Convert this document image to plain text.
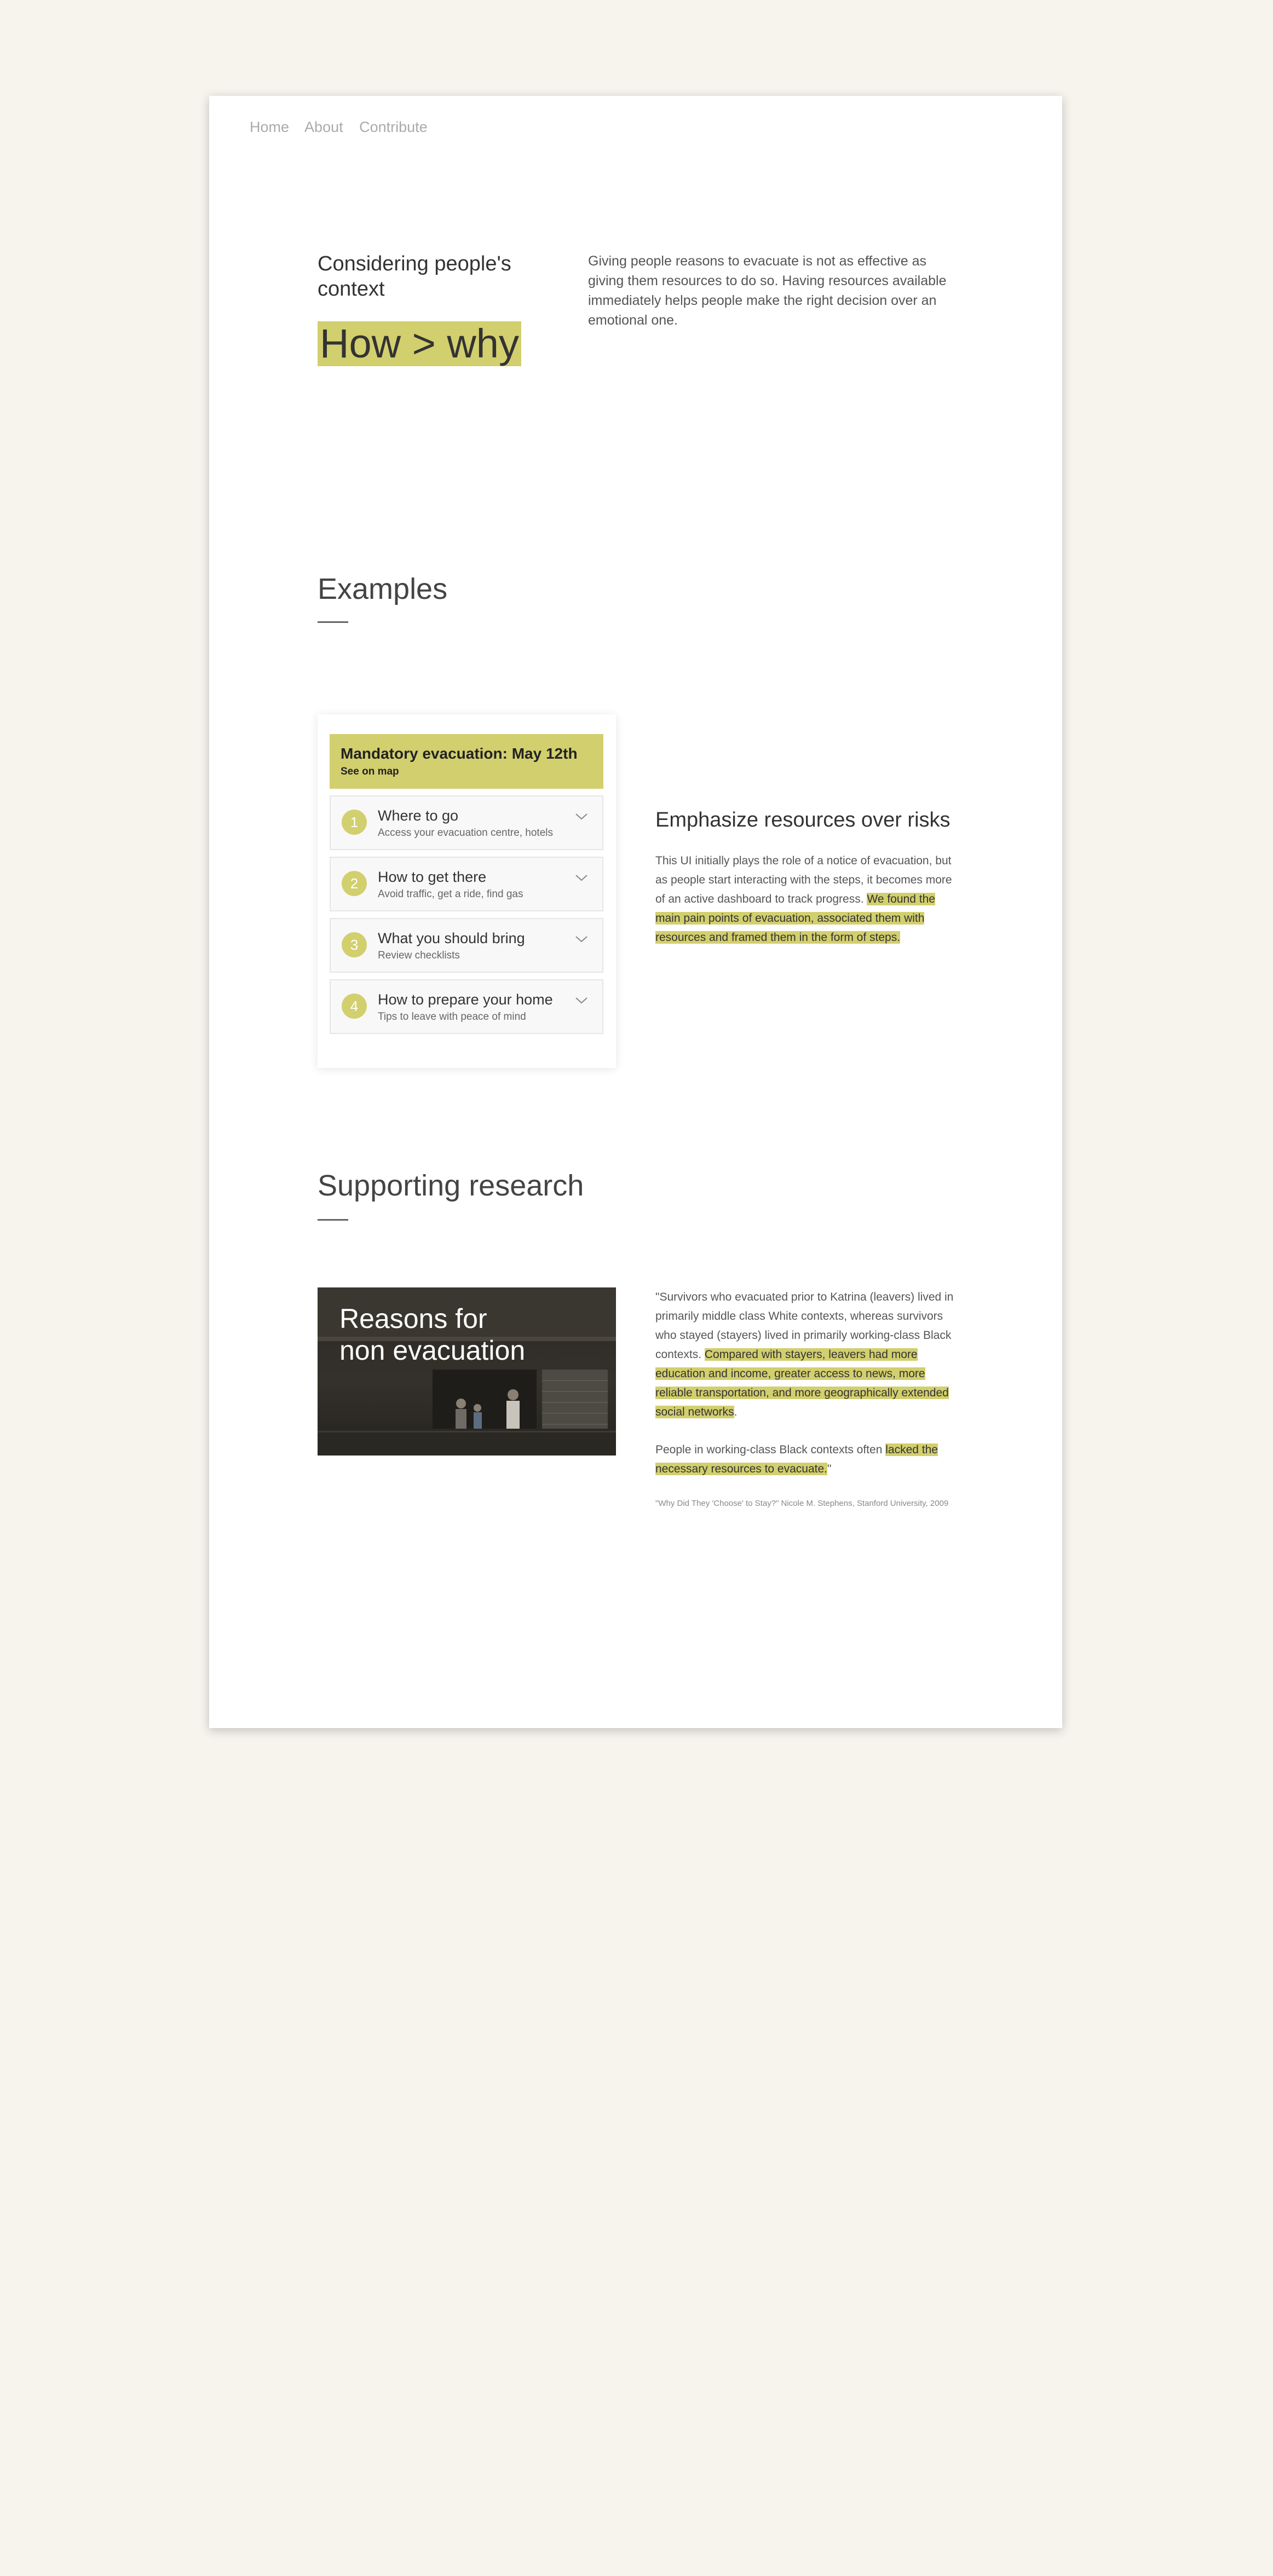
Home About Contribute
Considering people's context
How > why
Giving people reasons to evacuate is not as effective as giving them resources to do so. Having resources available immediately helps people make the right decision over an emotional one.
Examples
Mandatory evacuation: May 12th
See on map
1	Where to go
Access your evacuation centre, hotels
2	How to get there
Avoid traffic, get a ride, find gas
3	What you should bring
Review checklists
4	How to prepare your home
Tips to leave with peace of mind
Emphasize resources over risks
This UI initially plays the role of a notice of evacuation, but as people start interacting with the steps, it becomes more of an active dashboard to track progress. We found the main pain points of evacuation, associated them with resources and framed them in the form of steps.
Supporting research
Reasons for
non evacuation

"Survivors who evacuated prior to Katrina (leavers) lived in primarily middle class White contexts, whereas survivors who stayed (stayers) lived in primarily working-class Black contexts. Compared with stayers, leavers had more education and income, greater access to news, more reliable transportation, and more geographically extended social networks.

People in working-class Black contexts often lacked the necessary resources to evacuate."

"Why Did They 'Choose' to Stay?" Nicole M. Stephens, Stanford University, 2009
